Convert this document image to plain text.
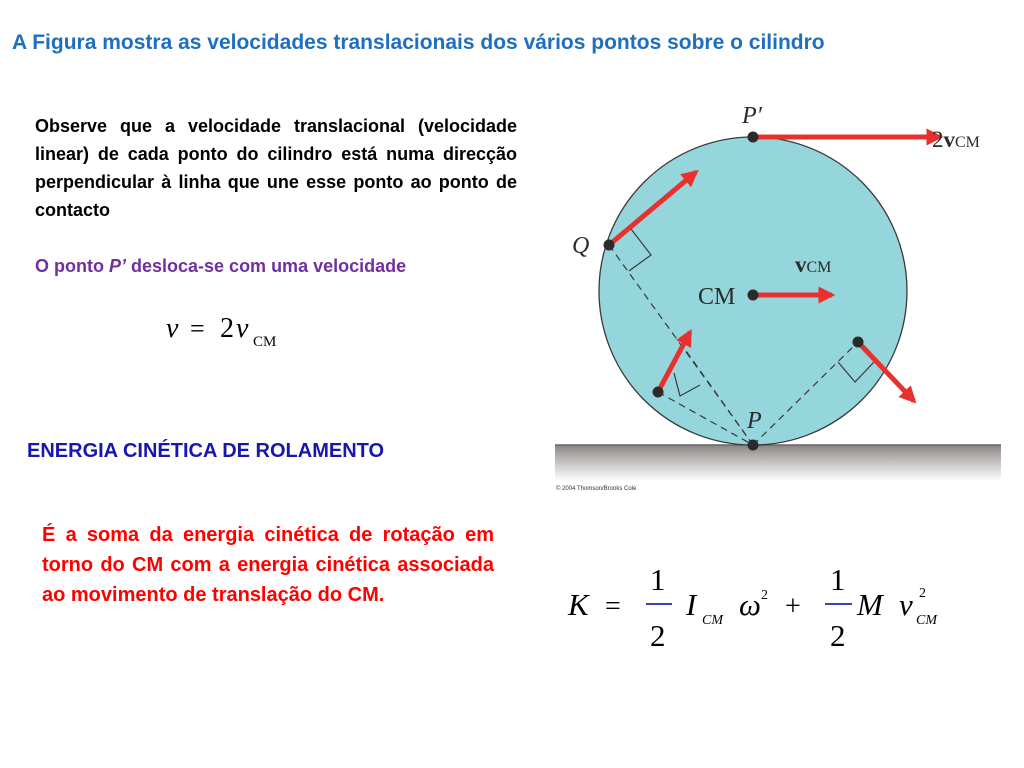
A Figura mostra as velocidades translacionais dos vários pontos sobre o cilindro
Observe que a velocidade translacional (velocidade linear) de cada ponto do cilindro está numa direcção perpendicular à linha que une esse ponto ao ponto de contacto
O ponto P’ desloca-se com uma velocidade
v = 2 v CM
ENERGIA CINÉTICA DE ROLAMENTO
É a soma da energia cinética de rotação em torno do CM com a energia cinética associada ao movimento de translação do CM.	K =
1
2
I CM ω 2 +
1
2
M v 2
CM
P′
2vCM
Q
vCM
CM
P
© 2004 Thomson/Brooks Cole
